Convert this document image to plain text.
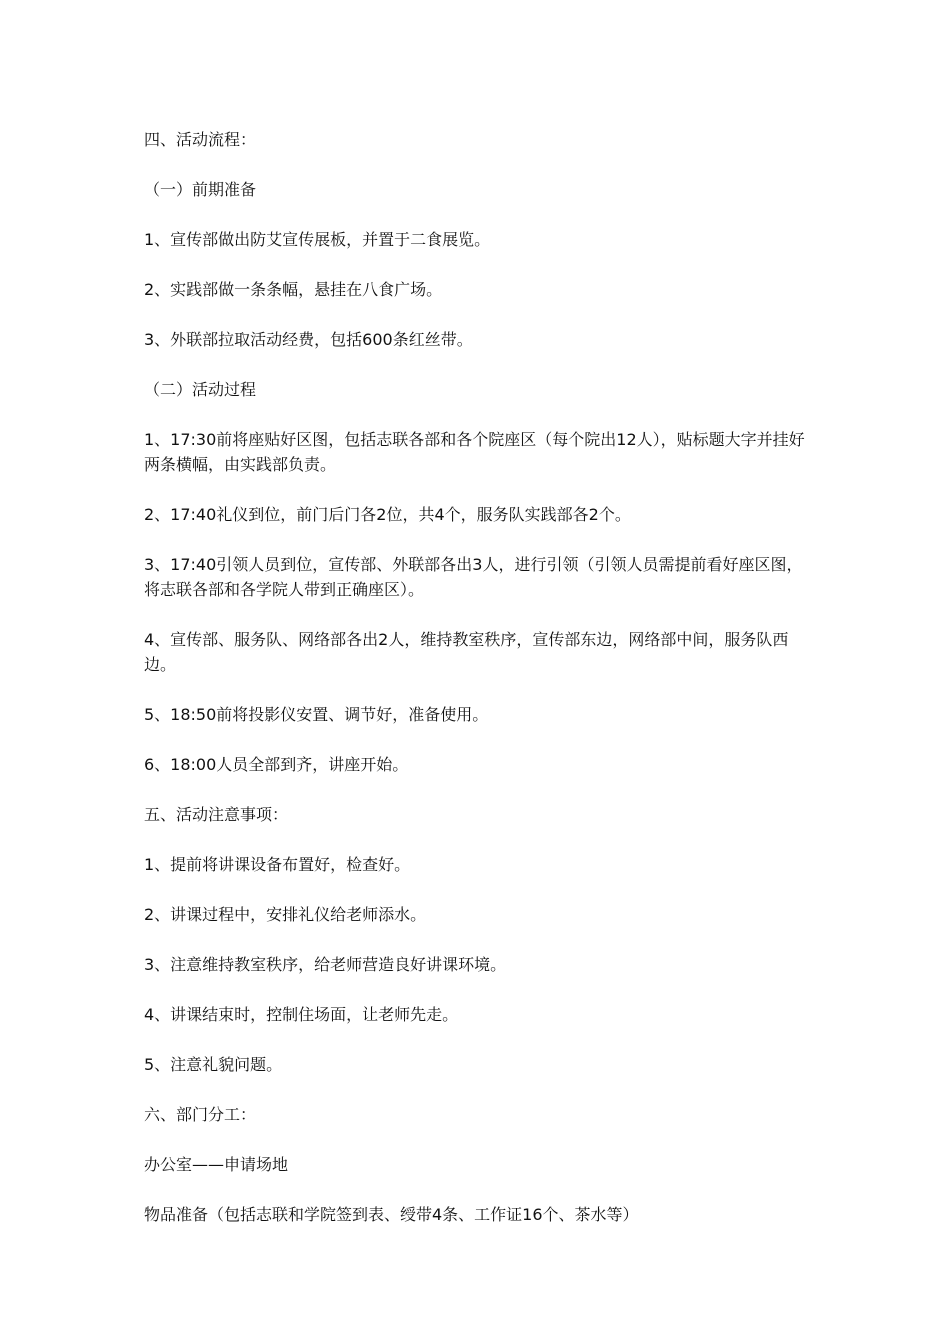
四、活动流程：

（一）前期准备

1、宣传部做出防艾宣传展板，并置于二食展览。

2、实践部做一条条幅，悬挂在八食广场。

3、外联部拉取活动经费，包括600条红丝带。

（二）活动过程

1、17:30前将座贴好区图，包括志联各部和各个院座区（每个院出12人），贴标题大字并挂好两条横幅，由实践部负责。

2、17:40礼仪到位，前门后门各2位，共4个，服务队实践部各2个。

3、17:40引领人员到位，宣传部、外联部各出3人，进行引领（引领人员需提前看好座区图，将志联各部和各学院人带到正确座区）。

4、宣传部、服务队、网络部各出2人，维持教室秩序，宣传部东边，网络部中间，服务队西边。

5、18:50前将投影仪安置、调节好，准备使用。

6、18:00人员全部到齐，讲座开始。

五、活动注意事项：

1、提前将讲课设备布置好，检查好。

2、讲课过程中，安排礼仪给老师添水。

3、注意维持教室秩序，给老师营造良好讲课环境。

4、讲课结束时，控制住场面，让老师先走。

5、注意礼貌问题。

六、部门分工：

办公室——申请场地

物品准备（包括志联和学院签到表、绶带4条、工作证16个、茶水等）
